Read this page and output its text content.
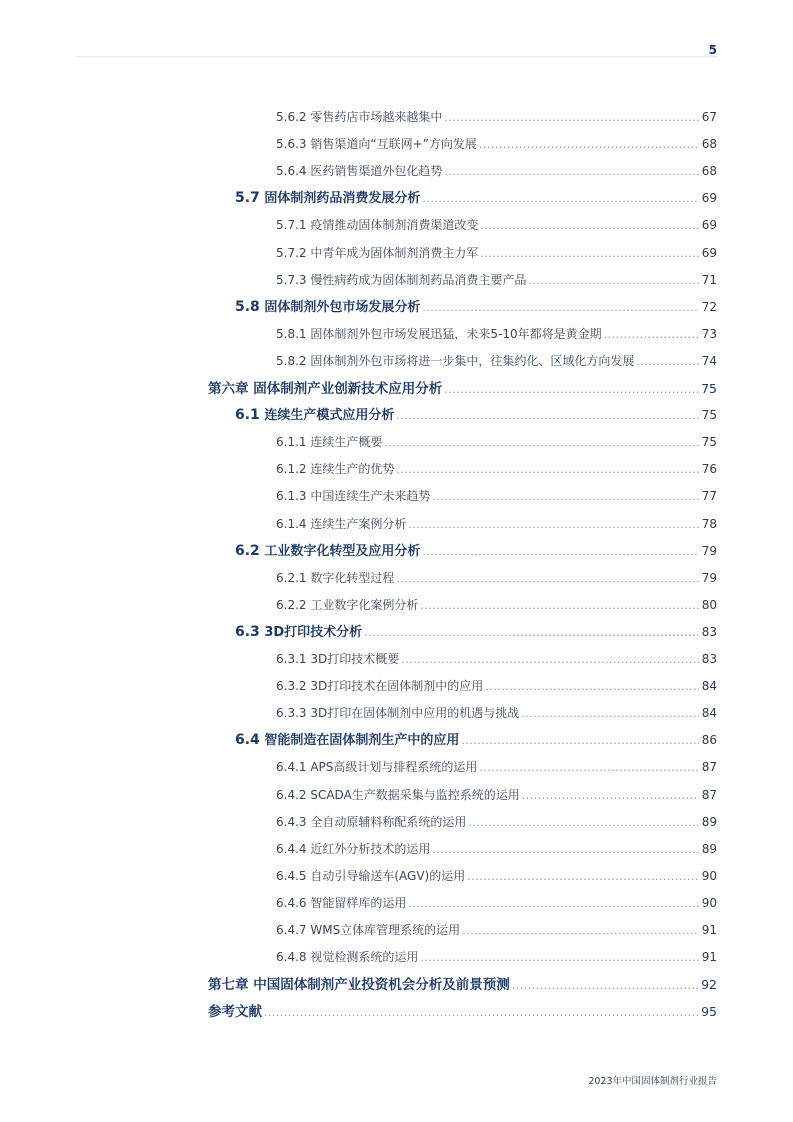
5
5.6.2 零售药店市场越来越集中 .....	67
5.6.3 销售渠道向“互联网+”方向发展 .....	68
5.6.4 医药销售渠道外包化趋势 .....	68
5.7 固体制剂药品消费发展分析 .....	69
5.7.1 疫情推动固体制剂消费渠道改变 .....	69
5.7.2 中青年成为固体制剂消费主力军 .....	69
5.7.3 慢性病药成为固体制剂药品消费主要产品 .....	71
5.8 固体制剂外包市场发展分析 .....	72
5.8.1 固体制剂外包市场发展迅猛，未来5-10年都将是黄金期 .....	73
5.8.2 固体制剂外包市场将进一步集中，往集约化、区域化方向发展 .....	74
第六章 固体制剂产业创新技术应用分析 .....	75
6.1 连续生产模式应用分析 .....	75
6.1.1 连续生产概要 .....	75
6.1.2 连续生产的优势 .....	76
6.1.3 中国连续生产未来趋势 .....	77
6.1.4 连续生产案例分析 .....	78
6.2 工业数字化转型及应用分析 .....	79
6.2.1 数字化转型过程 .....	79
6.2.2 工业数字化案例分析 .....	80
6.3 3D打印技术分析 .....	83
6.3.1 3D打印技术概要 .....	83
6.3.2 3D打印技术在固体制剂中的应用 .....	84
6.3.3 3D打印在固体制剂中应用的机遇与挑战 .....	84
6.4 智能制造在固体制剂生产中的应用 .....	86
6.4.1 APS高级计划与排程系统的运用 .....	87
6.4.2 SCADA生产数据采集与监控系统的运用 .....	87
6.4.3 全自动原辅料称配系统的运用 .....	89
6.4.4 近红外分析技术的运用 .....	89
6.4.5 自动引导输送车(AGV)的运用 .....	90
6.4.6 智能留样库的运用 .....	90
6.4.7 WMS立体库管理系统的运用 .....	91
6.4.8 视觉检测系统的运用 .....	91
第七章 中国固体制剂产业投资机会分析及前景预测 .....	92
参考文献 .....	95
2023年中国固体制剂行业报告
